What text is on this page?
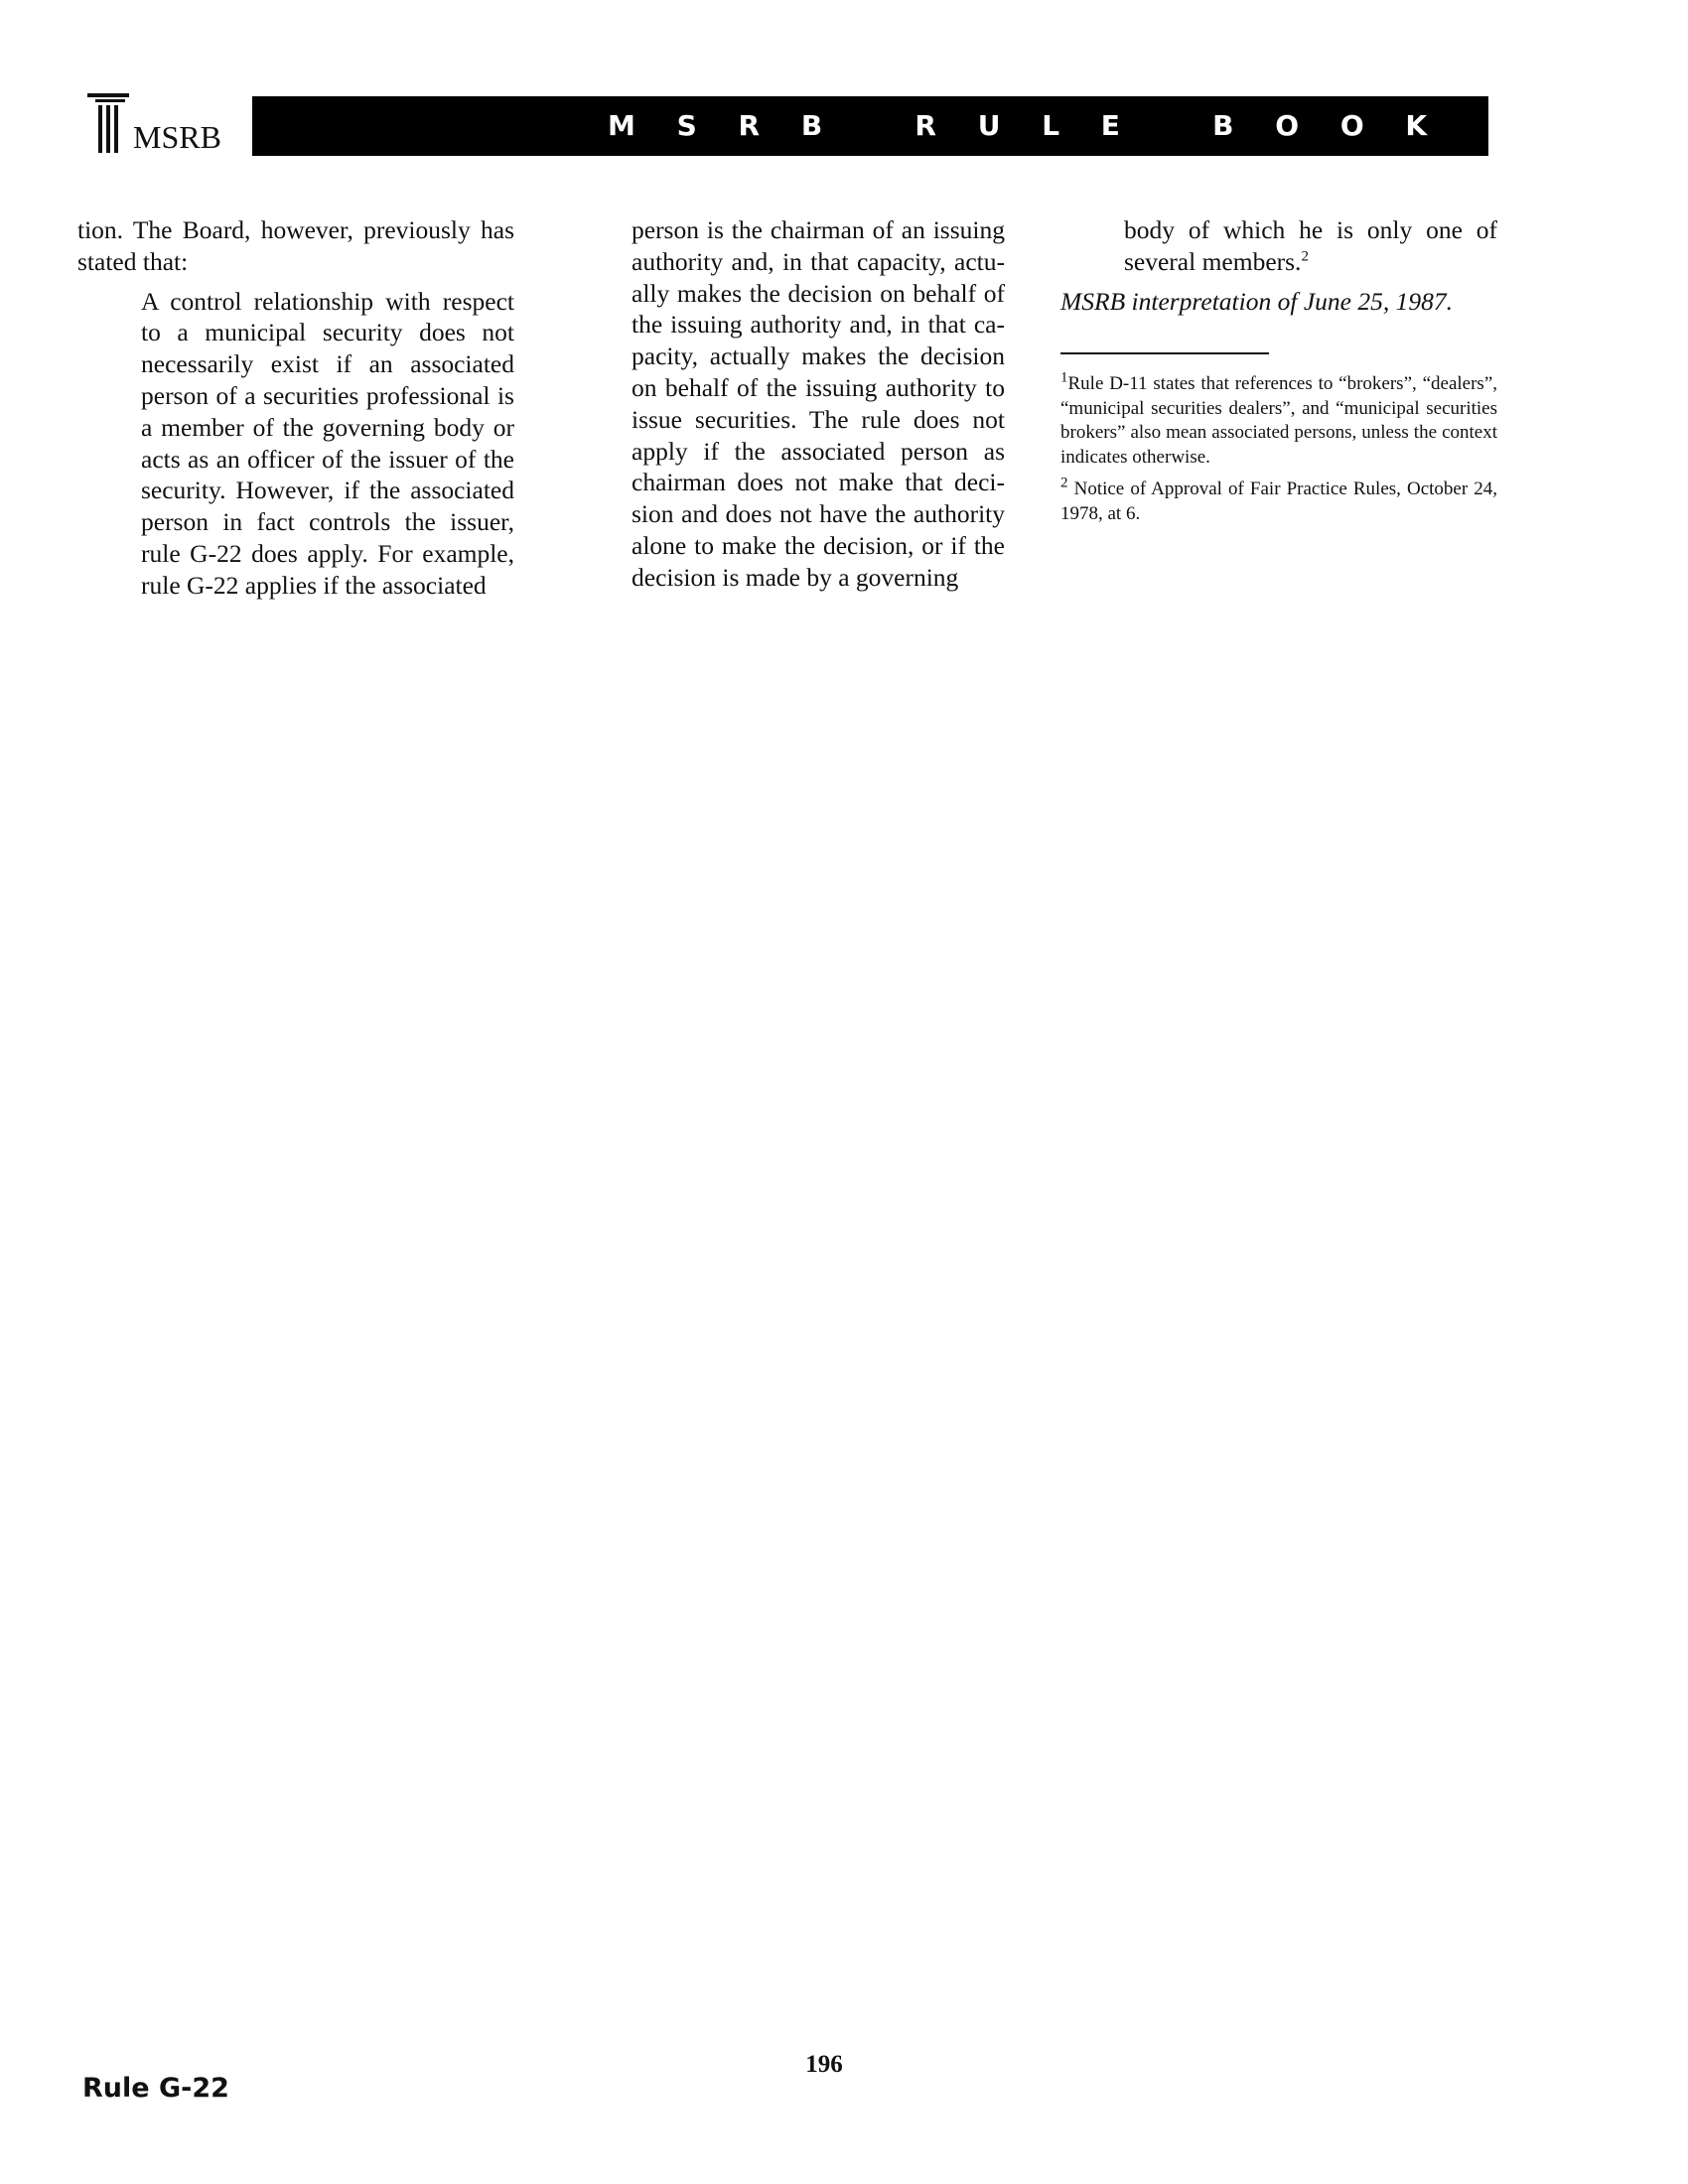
MSRB	M S R B   R U L E   B O O K

tion. The Board, however, previously has stated that:

A control relationship with respect to a municipal security does not necessarily exist if an associated person of a securities professional is a member of the governing body or acts as an officer of the issuer of the security. However, if the associated person in fact controls the issuer, rule G-22 does apply. For example, rule G-22 applies if the associated

person is the chairman of an issuing authority and, in that capacity, actually makes the decision on behalf of the issuing authority and, in that capacity, actually makes the decision on behalf of the issuing authority to issue securities. The rule does not apply if the associated person as chairman does not make that decision and does not have the authority alone to make the decision, or if the decision is made by a governing

body of which he is only one of several members.$^2$

MSRB interpretation of June 25, 1987.

$^1$Rule D-11 states that references to “brokers”, “dealers”, “municipal securities dealers”, and “municipal securities brokers” also mean associated persons, unless the context indicates otherwise.

$^2$ Notice of Approval of Fair Practice Rules, October 24, 1978, at 6.

196
Rule G-22
